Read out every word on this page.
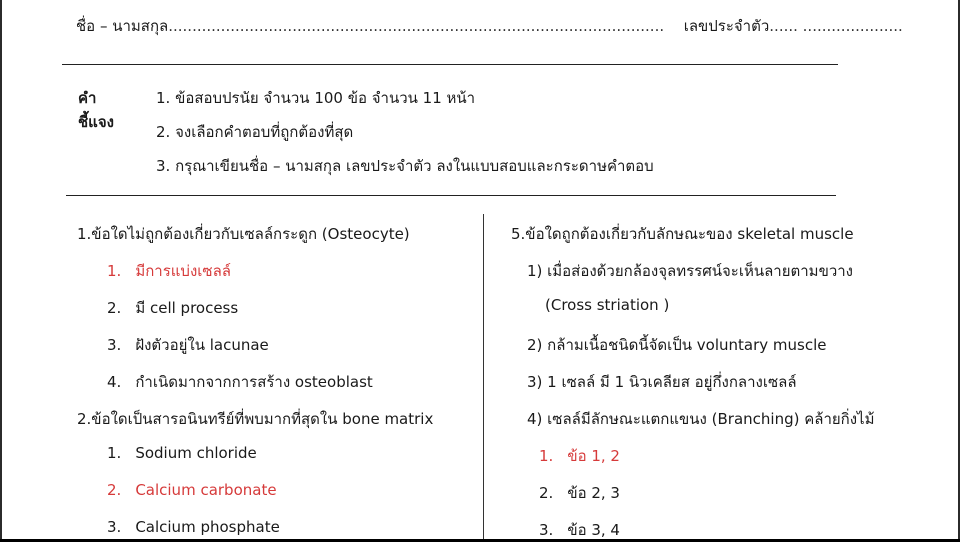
ชื่อ – นามสกุล........................................................................................................ เลขประจำตัว...... .....................
คำชี้แจง
1. ข้อสอบปรนัย จำนวน 100 ข้อ จำนวน 11 หน้า
2. จงเลือกคำตอบที่ถูกต้องที่สุด
3. กรุณาเขียนชื่อ – นามสกุล เลขประจำตัว ลงในแบบสอบและกระดาษคำตอบ
1.ข้อใดไม่ถูกต้องเกี่ยวกับเซลล์กระดูก (Osteocyte)
1. มีการแบ่งเซลล์
2. มี cell process
3. ฝังตัวอยู่ใน lacunae
4. กำเนิดมากจากการสร้าง osteoblast
2.ข้อใดเป็นสารอนินทรีย์ที่พบมากที่สุดใน bone matrix
1. Sodium chloride
2. Calcium carbonate
3. Calcium phosphate
5.ข้อใดถูกต้องเกี่ยวกับลักษณะของ skeletal muscle
1) เมื่อส่องด้วยกล้องจุลทรรศน์จะเห็นลายตามขวาง
(Cross striation )
2) กล้ามเนื้อชนิดนี้จัดเป็น voluntary muscle
3) 1 เซลล์ มี 1 นิวเคลียส อยู่กึ่งกลางเซลล์
4) เซลล์มีลักษณะแตกแขนง (Branching) คล้ายกิ่งไม้
1. ข้อ 1, 2
2. ข้อ 2, 3
3. ข้อ 3, 4
